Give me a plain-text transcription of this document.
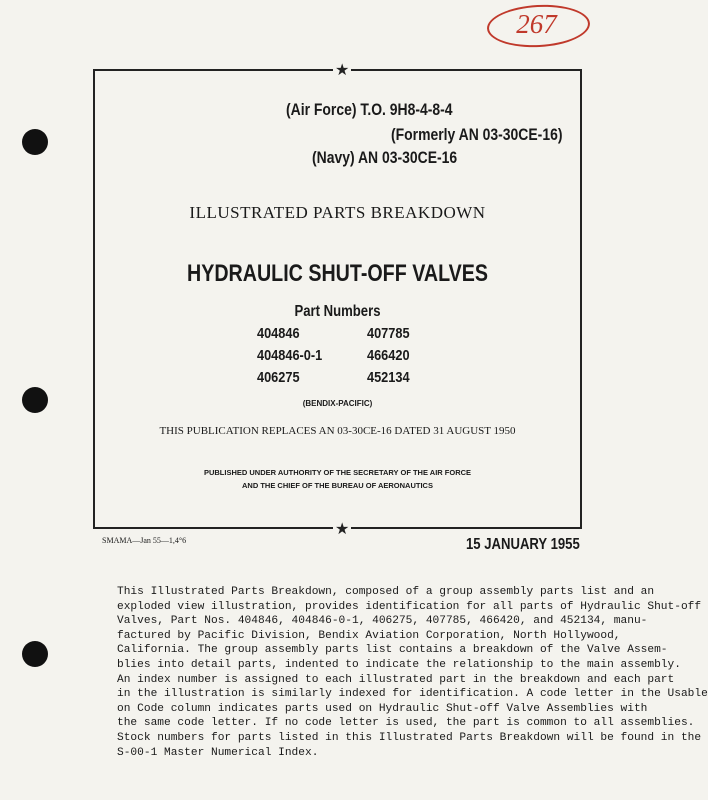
267
★
★
(Air Force) T.O. 9H8-4-8-4
(Formerly AN 03-30CE-16)
(Navy) AN 03-30CE-16
ILLUSTRATED PARTS BREAKDOWN
HYDRAULIC SHUT-OFF VALVES
Part Numbers
404846
404846-0-1
406275
407785
466420
452134
(BENDIX-PACIFIC)
THIS PUBLICATION REPLACES AN 03-30CE-16 DATED 31 AUGUST 1950
PUBLISHED UNDER AUTHORITY OF THE SECRETARY OF THE AIR FORCE
AND THE CHIEF OF THE BUREAU OF AERONAUTICS
SMAMA—Jan 55—1,4°6	15 JANUARY 1955
This Illustrated Parts Breakdown, composed of a group assembly parts list and an
exploded view illustration, provides identification for all parts of Hydraulic Shut-off
Valves, Part Nos. 404846, 404846-0-1, 406275, 407785, 466420, and 452134, manu-
factured by Pacific Division, Bendix Aviation Corporation, North Hollywood,
California. The group assembly parts list contains a breakdown of the Valve Assem-
blies into detail parts, indented to indicate the relationship to the main assembly.
An index number is assigned to each illustrated part in the breakdown and each part
in the illustration is similarly indexed for identification. A code letter in the Usable
on Code column indicates parts used on Hydraulic Shut-off Valve Assemblies with
the same code letter. If no code letter is used, the part is common to all assemblies.
Stock numbers for parts listed in this Illustrated Parts Breakdown will be found in the
S-00-1 Master Numerical Index.
